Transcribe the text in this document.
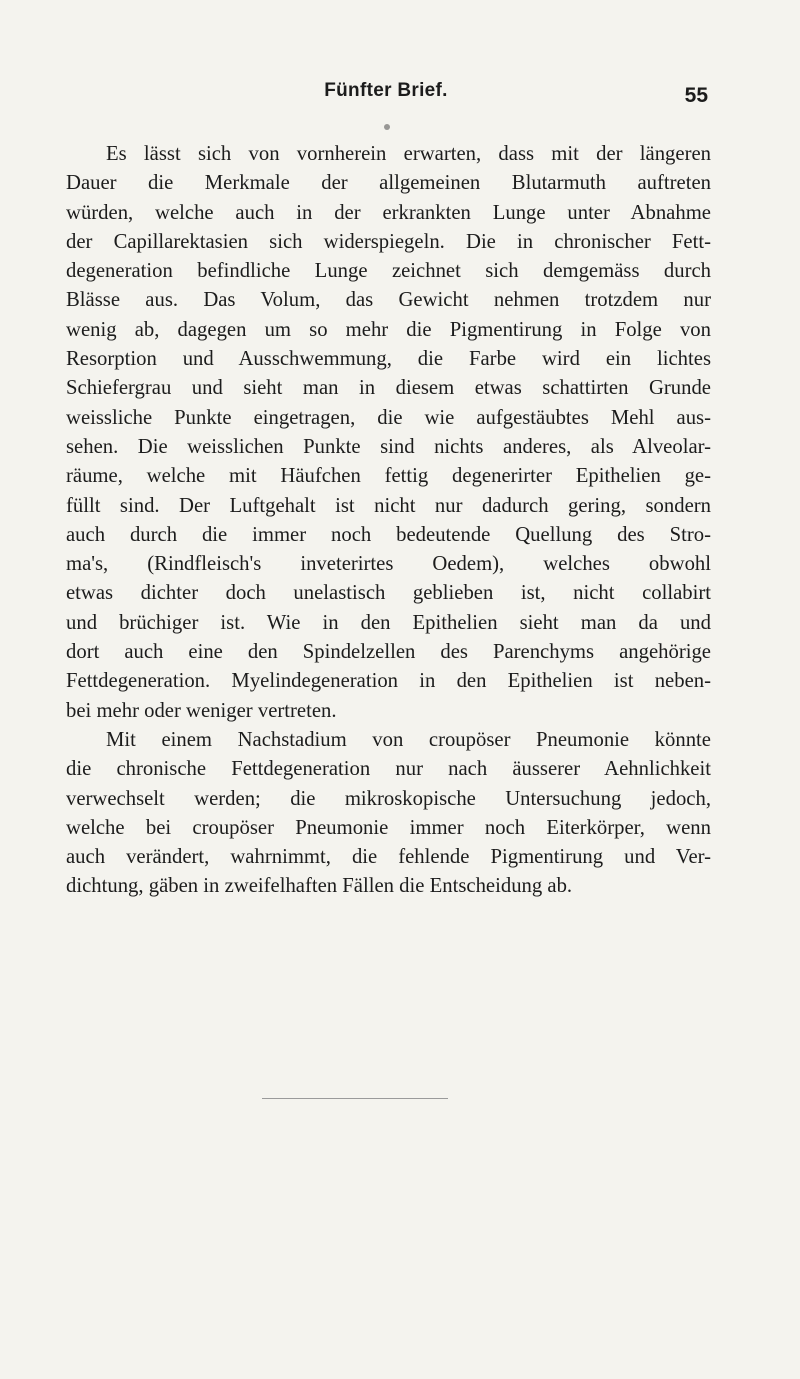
Fünfter Brief.	55
Es lässt sich von vornherein erwarten, dass mit der längeren
Dauer die Merkmale der allgemeinen Blutarmuth auftreten
würden, welche auch in der erkrankten Lunge unter Abnahme
der Capillarektasien sich widerspiegeln. Die in chronischer Fett-
degeneration befindliche Lunge zeichnet sich demgemäss durch
Blässe aus. Das Volum, das Gewicht nehmen trotzdem nur
wenig ab, dagegen um so mehr die Pigmentirung in Folge von
Resorption und Ausschwemmung, die Farbe wird ein lichtes
Schiefergrau und sieht man in diesem etwas schattirten Grunde
weissliche Punkte eingetragen, die wie aufgestäubtes Mehl aus-
sehen. Die weisslichen Punkte sind nichts anderes, als Alveolar-
räume, welche mit Häufchen fettig degenerirter Epithelien ge-
füllt sind. Der Luftgehalt ist nicht nur dadurch gering, sondern
auch durch die immer noch bedeutende Quellung des Stro-
ma's, (Rindfleisch's inveterirtes Oedem), welches obwohl
etwas dichter doch unelastisch geblieben ist, nicht collabirt
und brüchiger ist. Wie in den Epithelien sieht man da und
dort auch eine den Spindelzellen des Parenchyms angehörige
Fettdegeneration. Myelindegeneration in den Epithelien ist neben-
bei mehr oder weniger vertreten.
Mit einem Nachstadium von croupöser Pneumonie könnte
die chronische Fettdegeneration nur nach äusserer Aehnlichkeit
verwechselt werden; die mikroskopische Untersuchung jedoch,
welche bei croupöser Pneumonie immer noch Eiterkörper, wenn
auch verändert, wahrnimmt, die fehlende Pigmentirung und Ver-
dichtung, gäben in zweifelhaften Fällen die Entscheidung ab.
